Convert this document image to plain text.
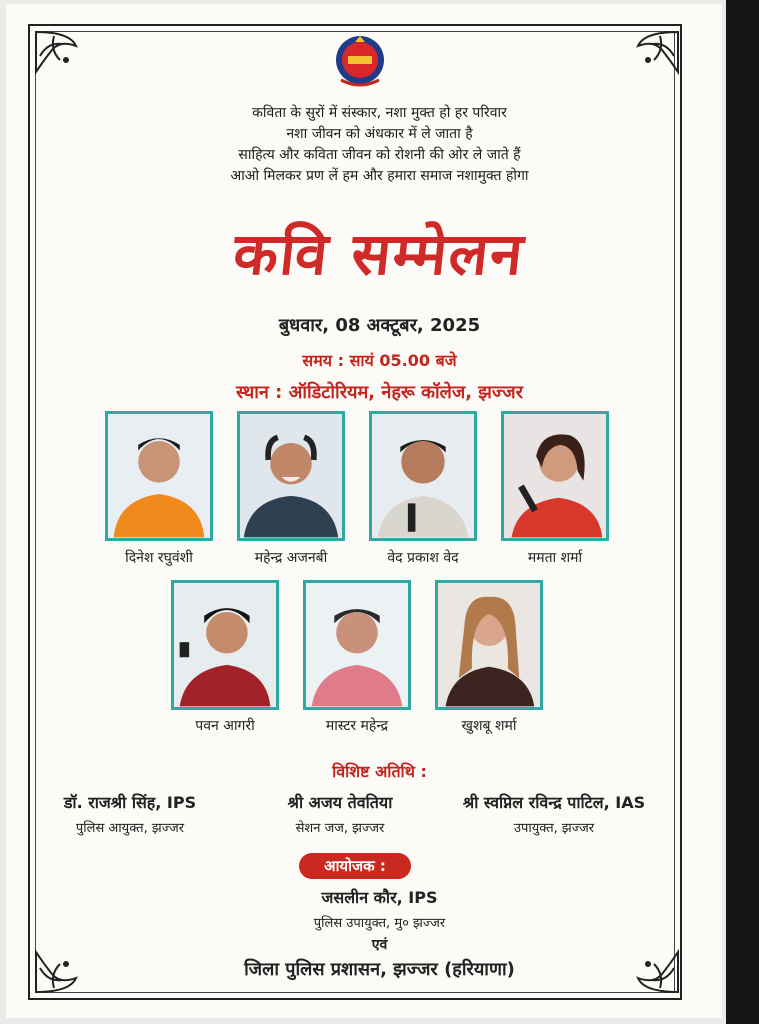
कविता के सुरों में संस्कार, नशा मुक्त हो हर परिवार
नशा जीवन को अंधकार में ले जाता है
साहित्य और कविता जीवन को रोशनी की ओर ले जाते हैं
आओ मिलकर प्रण लें हम और हमारा समाज नशामुक्त होगा
कवि सम्मेलन
बुधवार, 08 अक्टूबर, 2025
समय : सायं 05.00 बजे
स्थान : ऑडिटोरियम, नेहरू कॉलेज, झज्जर
दिनेश रघुवंशी	महेन्द्र अजनबी	वेद प्रकाश वेद	ममता शर्मा
पवन आगरी	मास्टर महेन्द्र	खुशबू शर्मा
विशिष्ट अतिथि :
डॉ. राजश्री सिंह, IPS	श्री अजय तेवतिया	श्री स्वप्निल रविन्द्र पाटिल, IAS
पुलिस आयुक्त, झज्जर	सेशन जज, झज्जर	उपायुक्त, झज्जर
आयोजक :
जसलीन कौर, IPS
पुलिस उपायुक्त, मु० झज्जर
एवं
जिला पुलिस प्रशासन, झज्जर (हरियाणा)
